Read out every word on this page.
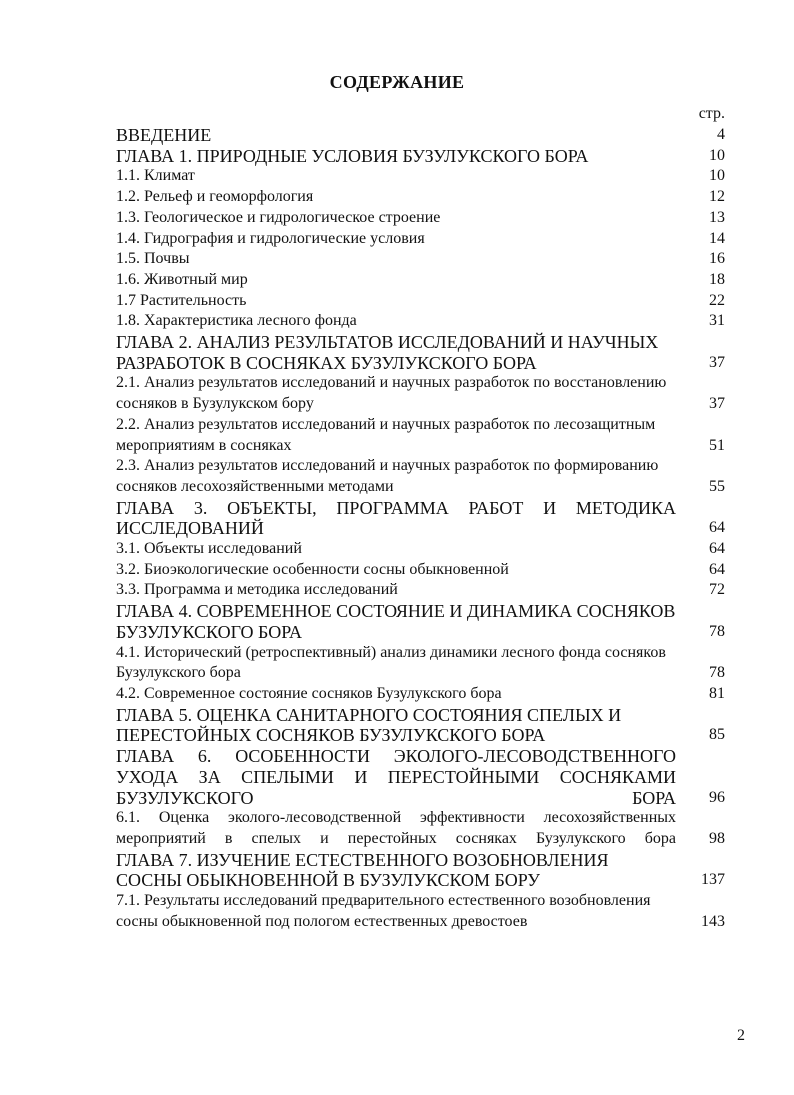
СОДЕРЖАНИЕ
стр.
ВВЕДЕНИЕ	4
ГЛАВА 1. ПРИРОДНЫЕ УСЛОВИЯ БУЗУЛУКСКОГО БОРА	10
1.1. Климат	10
1.2. Рельеф и геоморфология	12
1.3. Геологическое и гидрологическое строение	13
1.4. Гидрография и гидрологические условия	14
1.5. Почвы	16
1.6. Животный мир	18
1.7 Растительность	22
1.8. Характеристика лесного фонда	31
ГЛАВА 2. АНАЛИЗ РЕЗУЛЬТАТОВ ИССЛЕДОВАНИЙ И НАУЧНЫХ РАЗРАБОТОК В СОСНЯКАХ БУЗУЛУКСКОГО БОРА	37
2.1. Анализ результатов исследований и научных разработок по восстановлению сосняков в Бузулукском бору	37
2.2. Анализ результатов исследований и научных разработок по лесозащитным мероприятиям в сосняках	51
2.3. Анализ результатов исследований и научных разработок по формированию сосняков лесохозяйственными методами	55
ГЛАВА 3. ОБЪЕКТЫ, ПРОГРАММА РАБОТ И МЕТОДИКА ИССЛЕДОВАНИЙ	64
3.1. Объекты исследований	64
3.2. Биоэкологические особенности сосны обыкновенной	64
3.3. Программа и методика исследований	72
ГЛАВА 4. СОВРЕМЕННОЕ СОСТОЯНИЕ И ДИНАМИКА СОСНЯКОВ БУЗУЛУКСКОГО БОРА	78
4.1. Исторический (ретроспективный) анализ динамики лесного фонда сосняков Бузулукского бора	78
4.2. Современное состояние сосняков Бузулукского бора	81
ГЛАВА 5. ОЦЕНКА САНИТАРНОГО СОСТОЯНИЯ СПЕЛЫХ И ПЕРЕСТОЙНЫХ СОСНЯКОВ БУЗУЛУКСКОГО БОРА	85
ГЛАВА 6. ОСОБЕННОСТИ ЭКОЛОГО-ЛЕСОВОДСТВЕННОГО УХОДА ЗА СПЕЛЫМИ И ПЕРЕСТОЙНЫМИ СОСНЯКАМИ БУЗУЛУКСКОГО БОРА	96
6.1. Оценка эколого-лесоводственной эффективности лесохозяйственных мероприятий в спелых и перестойных сосняках Бузулукского бора	98
ГЛАВА 7. ИЗУЧЕНИЕ ЕСТЕСТВЕННОГО ВОЗОБНОВЛЕНИЯ СОСНЫ ОБЫКНОВЕННОЙ В БУЗУЛУКСКОМ БОРУ	137
7.1. Результаты исследований предварительного естественного возобновления сосны обыкновенной под пологом естественных древостоев	143
2
